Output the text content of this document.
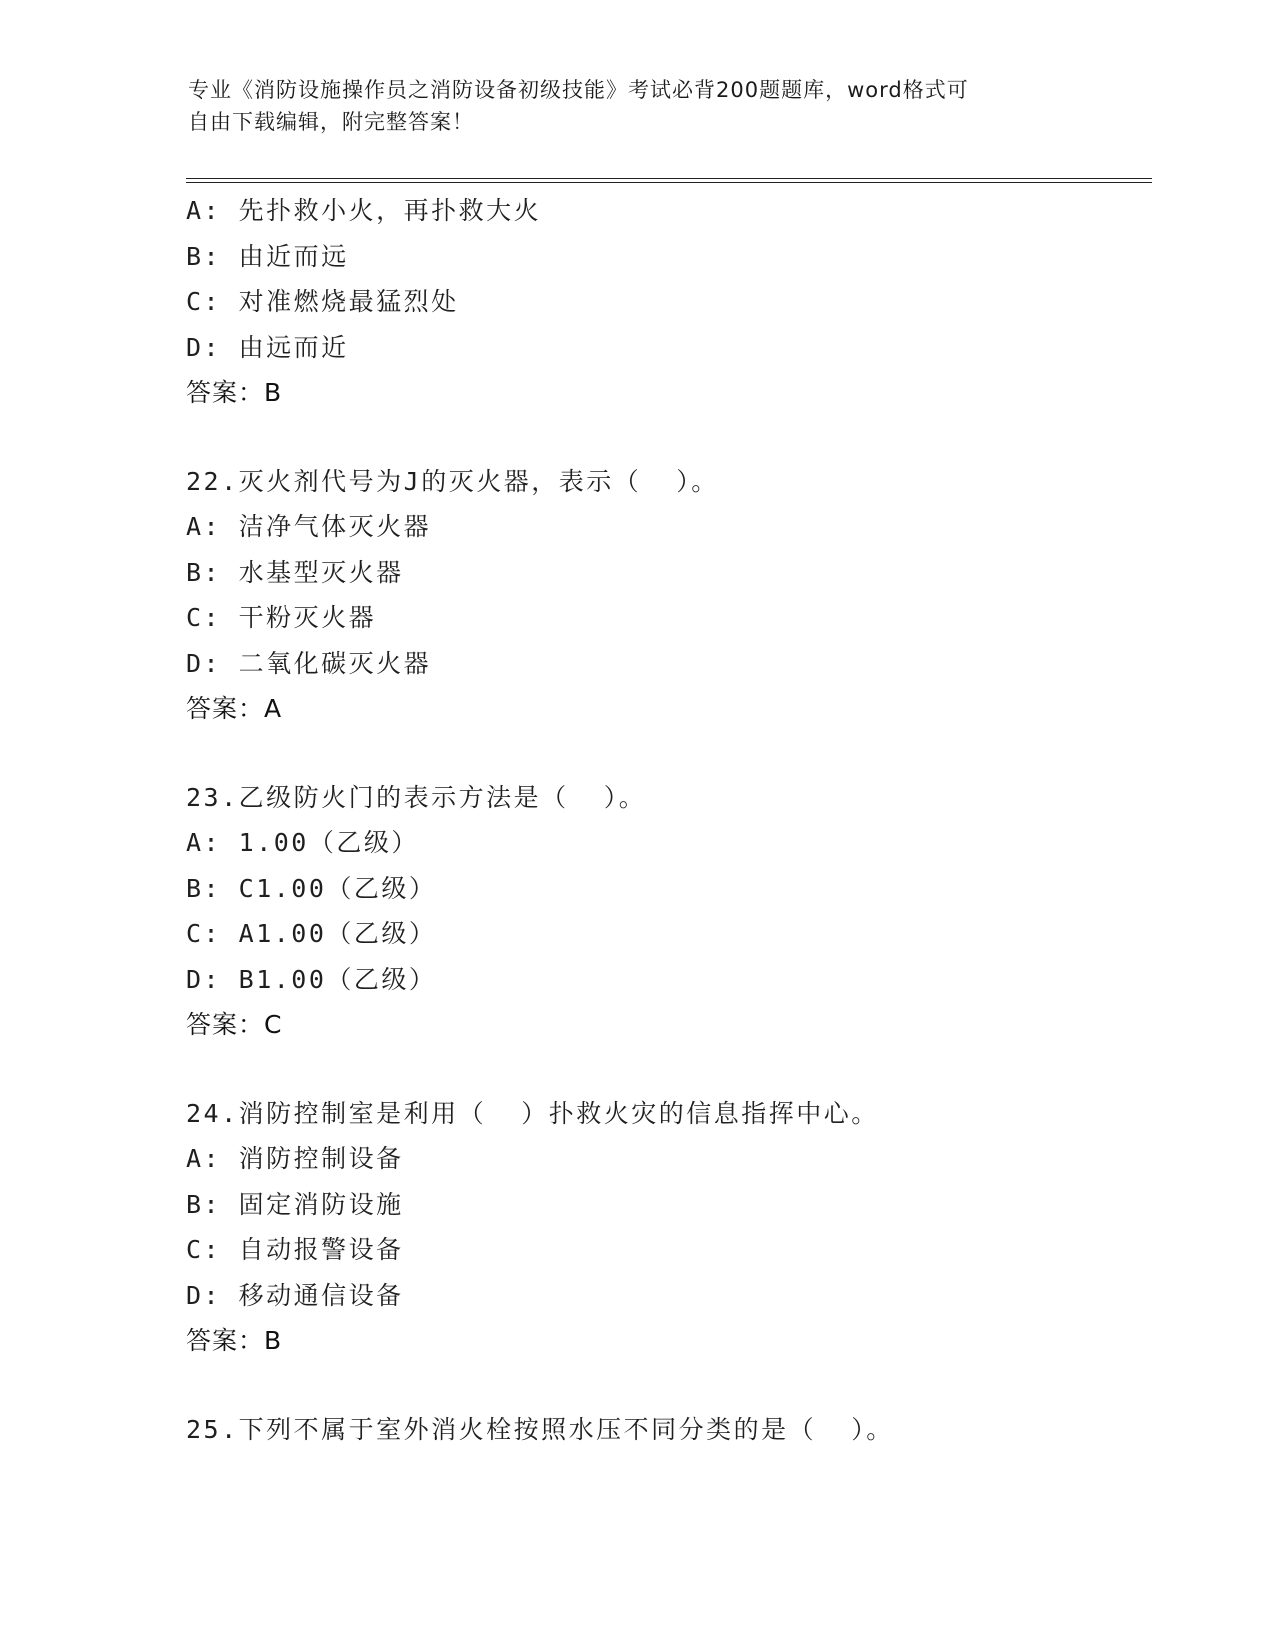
专业《消防设施操作员之消防设备初级技能》考试必背200题题库，word格式可
自由下载编辑，附完整答案！
A: 先扑救小火，再扑救大火
B: 由近而远
C: 对准燃烧最猛烈处
D: 由远而近
答案：B
22.灭火剂代号为J的灭火器，表示（  ）。
A: 洁净气体灭火器
B: 水基型灭火器
C: 干粉灭火器
D: 二氧化碳灭火器
答案：A
23.乙级防火门的表示方法是（  ）。
A: 1.00（乙级）
B: C1.00（乙级）
C: A1.00（乙级）
D: B1.00（乙级）
答案：C
24.消防控制室是利用（  ）扑救火灾的信息指挥中心。
A: 消防控制设备
B: 固定消防设施
C: 自动报警设备
D: 移动通信设备
答案：B
25.下列不属于室外消火栓按照水压不同分类的是（  ）。
